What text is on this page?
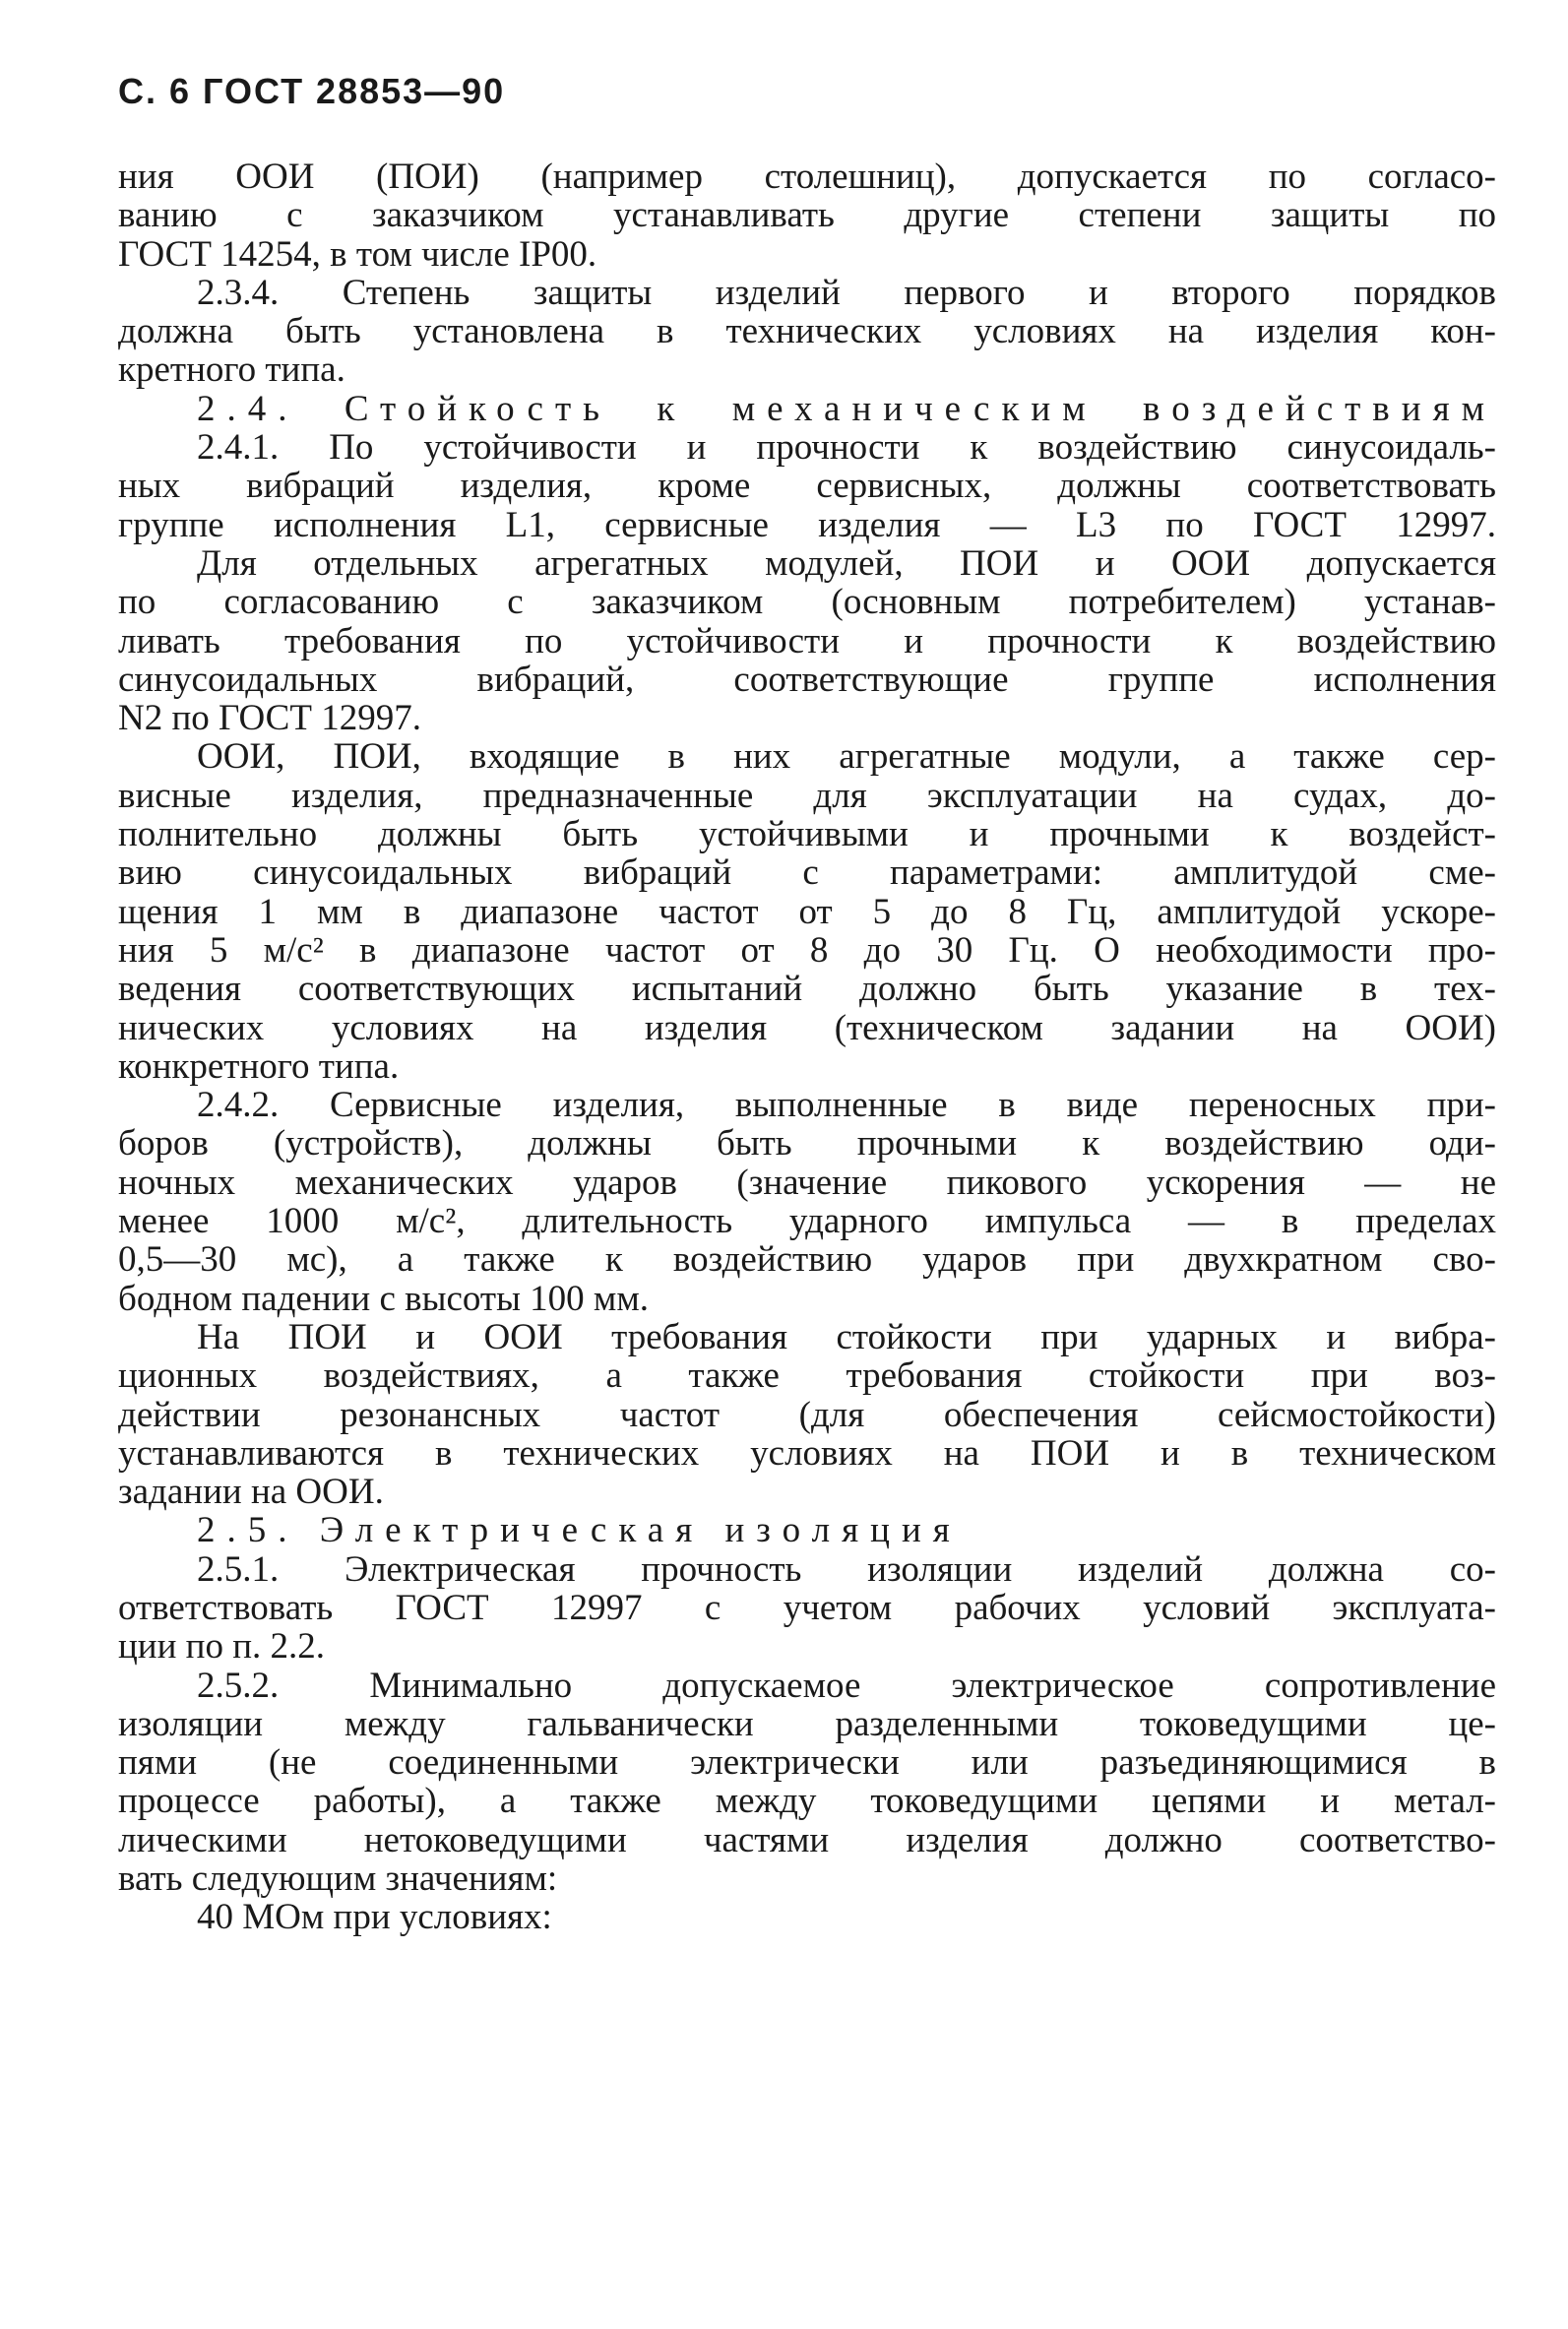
С. 6 ГОСТ 28853—90
ния ООИ (ПОИ) (например столешниц), допускается по согласо-
ванию с заказчиком устанавливать другие степени защиты по
ГОСТ 14254, в том числе IP00.
2.3.4. Степень защиты изделий первого и второго порядков
должна быть установлена в технических условиях на изделия кон-
кретного типа.
2.4. Стойкость к механическим воздействиям
2.4.1. По устойчивости и прочности к воздействию синусоидаль-
ных вибраций изделия, кроме сервисных, должны соответствовать
группе исполнения L1, сервисные изделия — L3 по ГОСТ 12997.
Для отдельных агрегатных модулей, ПОИ и ООИ допускается
по согласованию с заказчиком (основным потребителем) устанав-
ливать требования по устойчивости и прочности к воздействию
синусоидальных вибраций, соответствующие группе исполнения
N2 по ГОСТ 12997.
ООИ, ПОИ, входящие в них агрегатные модули, а также сер-
висные изделия, предназначенные для эксплуатации на судах, до-
полнительно должны быть устойчивыми и прочными к воздейст-
вию синусоидальных вибраций с параметрами: амплитудой сме-
щения 1 мм в диапазоне частот от 5 до 8 Гц, амплитудой ускоре-
ния 5 м/с² в диапазоне частот от 8 до 30 Гц. О необходимости про-
ведения соответствующих испытаний должно быть указание в тех-
нических условиях на изделия (техническом задании на ООИ)
конкретного типа.
2.4.2. Сервисные изделия, выполненные в виде переносных при-
боров (устройств), должны быть прочными к воздействию оди-
ночных механических ударов (значение пикового ускорения — не
менее 1000 м/с², длительность ударного импульса — в пределах
0,5—30 мс), а также к воздействию ударов при двухкратном сво-
бодном падении с высоты 100 мм.
На ПОИ и ООИ требования стойкости при ударных и вибра-
ционных воздействиях, а также требования стойкости при воз-
действии резонансных частот (для обеспечения сейсмостойкости)
устанавливаются в технических условиях на ПОИ и в техническом
задании на ООИ.
2.5. Электрическая изоляция
2.5.1. Электрическая прочность изоляции изделий должна со-
ответствовать ГОСТ 12997 с учетом рабочих условий эксплуата-
ции по п. 2.2.
2.5.2. Минимально допускаемое электрическое сопротивление
изоляции между гальванически разделенными токоведущими це-
пями (не соединенными электрически или разъединяющимися в
процессе работы), а также между токоведущими цепями и метал-
лическими нетоковедущими частями изделия должно соответство-
вать следующим значениям:
40 МОм при условиях:
